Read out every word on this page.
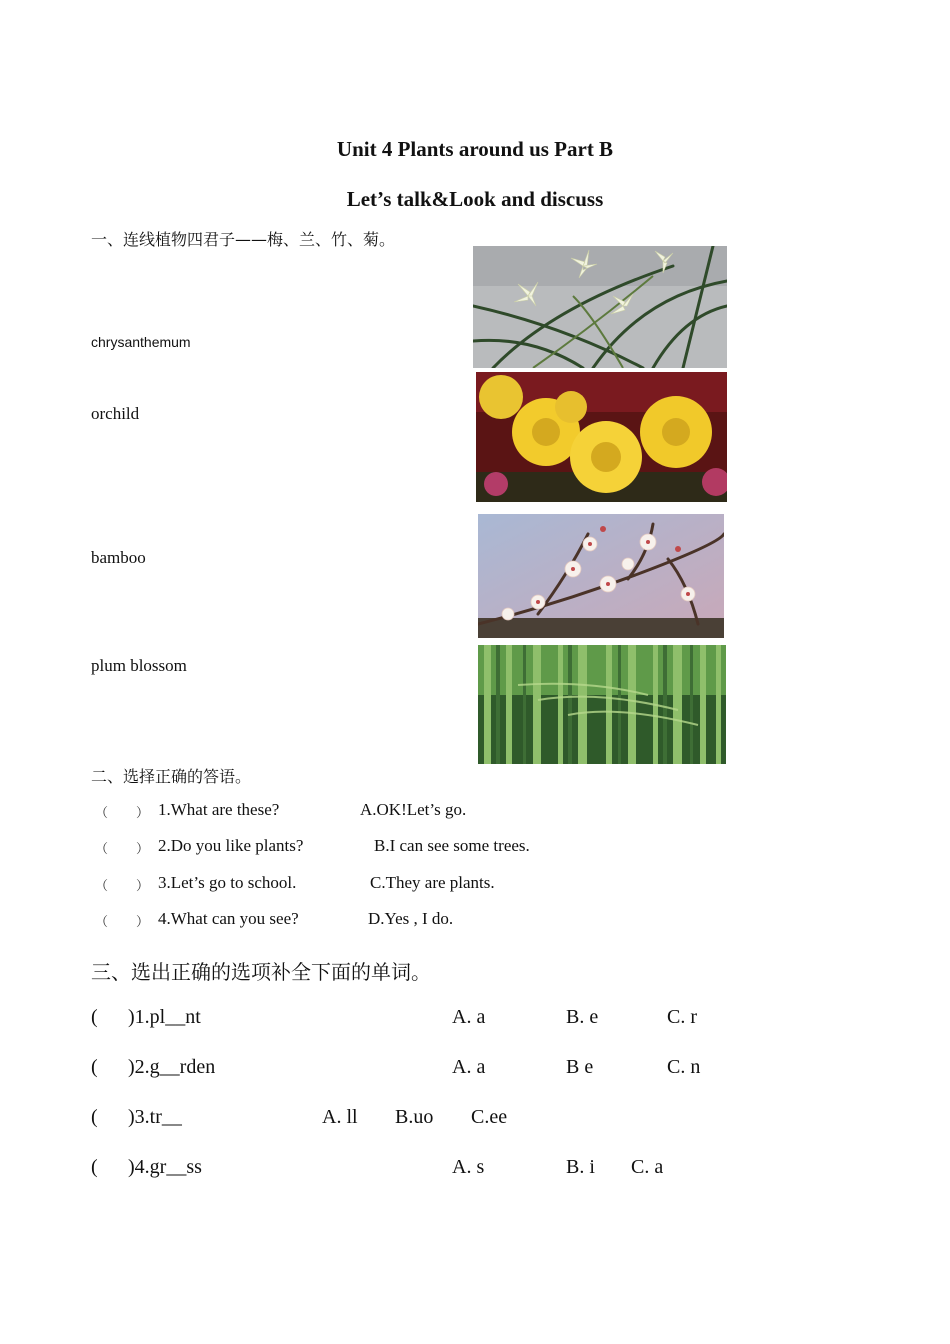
Unit 4 Plants around us Part B
Let’s talk&Look and discuss
一、连线植物四君子——梅、兰、竹、菊。
chrysanthemum
orchild
bamboo
plum blossom
二、选择正确的答语。
（ ） 1.What are these?	A.OK!Let’s go.
（ ） 2.Do you like plants?	B.I can see some trees.
（ ） 3.Let’s go to school.	C.They are plants.
（ ） 4.What can you see?	D.Yes , I do.
三、选出正确的选项补全下面的单词。
( )1.pl__nt	A. a	B. e	C. r
( )2.g__rden	A. a	B e	C. n
( )3.tr__	A. ll B.uo C.ee
( )4.gr__ss	A. s	B. i C. a
